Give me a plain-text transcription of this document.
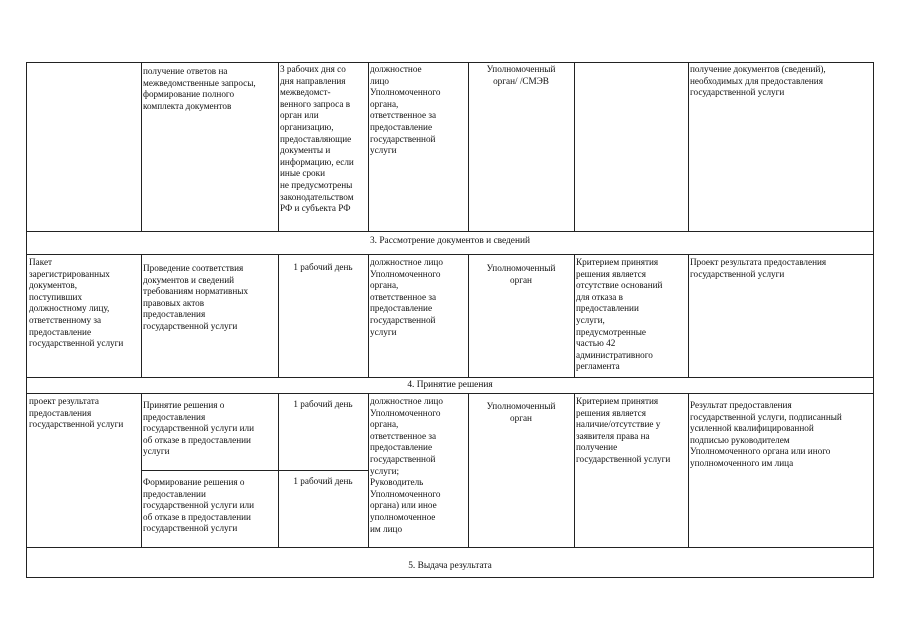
получение ответов на
межведомственные запросы,
формирование полного
комплекта документов
3 рабочих дня со
дня направления
межведомст-
венного запроса в
орган или
организацию,
предоставляющие
документы и
информацию, если
иные сроки
не предусмотрены
законодательством
РФ и субъекта РФ
должностное
лицо
Уполномоченного
органа,
ответственное за
предоставление
государственной
услуги
Уполномоченный
орган/ /СМЭВ
получение документов (сведений),
необходимых для предоставления
государственной услуги
3. Рассмотрение документов и сведений
Пакет
зарегистрированных
документов,
поступивших
должностному лицу,
ответственному за
предоставление
государственной услуги
Проведение соответствия
документов и сведений
требованиям нормативных
правовых актов
предоставления
государственной услуги
1 рабочий день	должностное лицо
Уполномоченного
органа,
ответственное за
предоставление
государственной
услуги
Уполномоченный
орган
Критерием принятия
решения является
отсутствие оснований
для отказа в
предоставлении
услуги,
предусмотренные
частью 42
административного
регламента
Проект результата предоставления
государственной услуги
4. Принятие решения
проект результата
предоставления
государственной услуги
Принятие решения о
предоставления
государственной услуги или
об отказе в предоставлении
услуги
Формирование решения о
предоставлении
государственной услуги или
об отказе в предоставлении
государственной услуги
1 рабочий день
1 рабочий день
должностное лицо
Уполномоченного
органа,
ответственное за
предоставление
государственной
услуги;
Руководитель
Уполномоченного
органа) или иное
уполномоченное
им лицо
Уполномоченный
орган
Критерием принятия
решения является
наличие/отсутствие у
заявителя права на
получение
государственной услуги
Результат предоставления
государственной услуги, подписанный
усиленной квалифицированной
подписью руководителем
Уполномоченного органа или иного
уполномоченного им лица
5. Выдача результата
